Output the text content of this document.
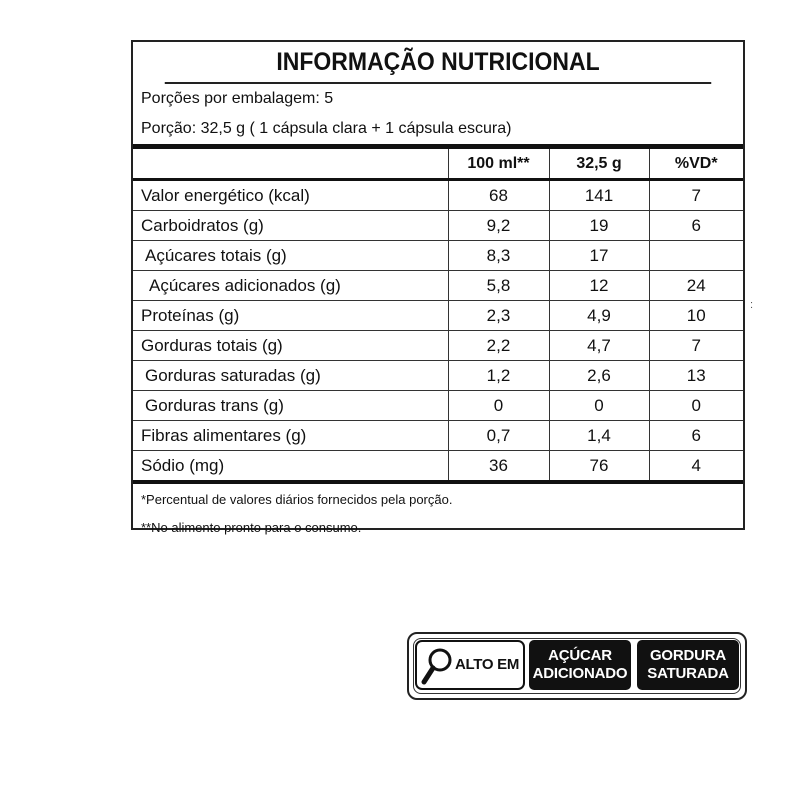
INFORMAÇÃO NUTRICIONAL
Porções por embalagem: 5
Porção: 32,5 g ( 1 cápsula clara + 1 cápsula escura)
	100 ml**	32,5 g	%VD*
Valor energético (kcal)	68	141	7
Carboidratos (g)	9,2	19	6
Açúcares totais (g)	8,3	17	
Açúcares adicionados (g)	5,8	12	24
Proteínas (g)	2,3	4,9	10
Gorduras totais (g)	2,2	4,7	7
Gorduras saturadas (g)	1,2	2,6	13
Gorduras trans (g)	0	0	0
Fibras alimentares (g)	0,7	1,4	6
Sódio (mg)	36	76	4
*Percentual de valores diários fornecidos pela porção.
**No alimento pronto para o consumo.
:
ALTO EM
AÇÚCAR
ADICIONADO
GORDURA
SATURADA
